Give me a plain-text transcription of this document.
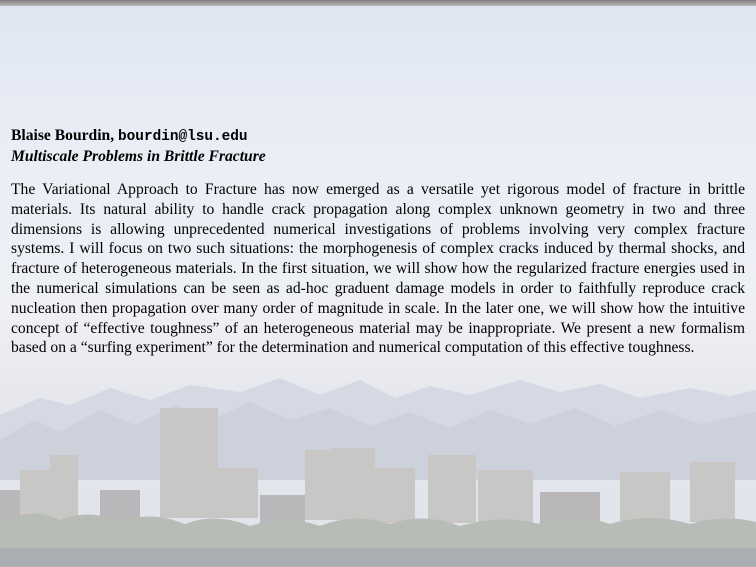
Blaise Bourdin, bourdin@lsu.edu
Multiscale Problems in Brittle Fracture
The Variational Approach to Fracture has now emerged as a versatile yet rigorous model of fracture in brittle materials. Its natural ability to handle crack propagation along complex unknown geometry in two and three dimensions is allowing unprecedented numerical investigations of problems involving very complex fracture systems. I will focus on two such situations: the morphogenesis of complex cracks induced by thermal shocks, and fracture of heterogeneous materials. In the first situation, we will show how the regularized fracture energies used in the numerical simulations can be seen as ad-hoc graduent damage models in order to faithfully reproduce crack nucleation then propagation over many order of magnitude in scale. In the later one, we will show how the intuitive concept of “effective toughness” of an heterogeneous material may be inappropriate. We present a new formalism based on a “surfing experiment” for the determination and numerical computation of this effective toughness.
